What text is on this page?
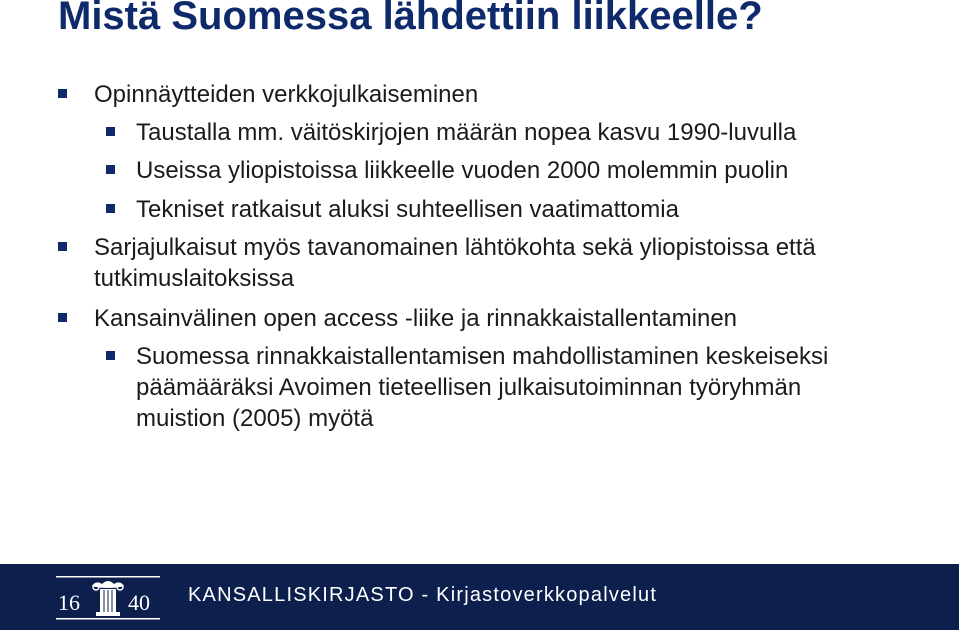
Mistä Suomessa lähdettiin liikkeelle?
Opinnäytteiden verkkojulkaiseminen
Taustalla mm. väitöskirjojen määrän nopea kasvu 1990-luvulla
Useissa yliopistoissa liikkeelle vuoden 2000 molemmin puolin
Tekniset ratkaisut aluksi suhteellisen vaatimattomia
Sarjajulkaisut myös tavanomainen lähtökohta sekä yliopistoissa että tutkimuslaitoksissa
Kansainvälinen open access -liike ja rinnakkaistallentaminen
Suomessa rinnakkaistallentamisen mahdollistaminen keskeiseksi päämääräksi Avoimen tieteellisen julkaisutoiminnan työryhmän muistion (2005) myötä
16 40 KANSALLISKIRJASTO - Kirjastoverkkopalvelut
